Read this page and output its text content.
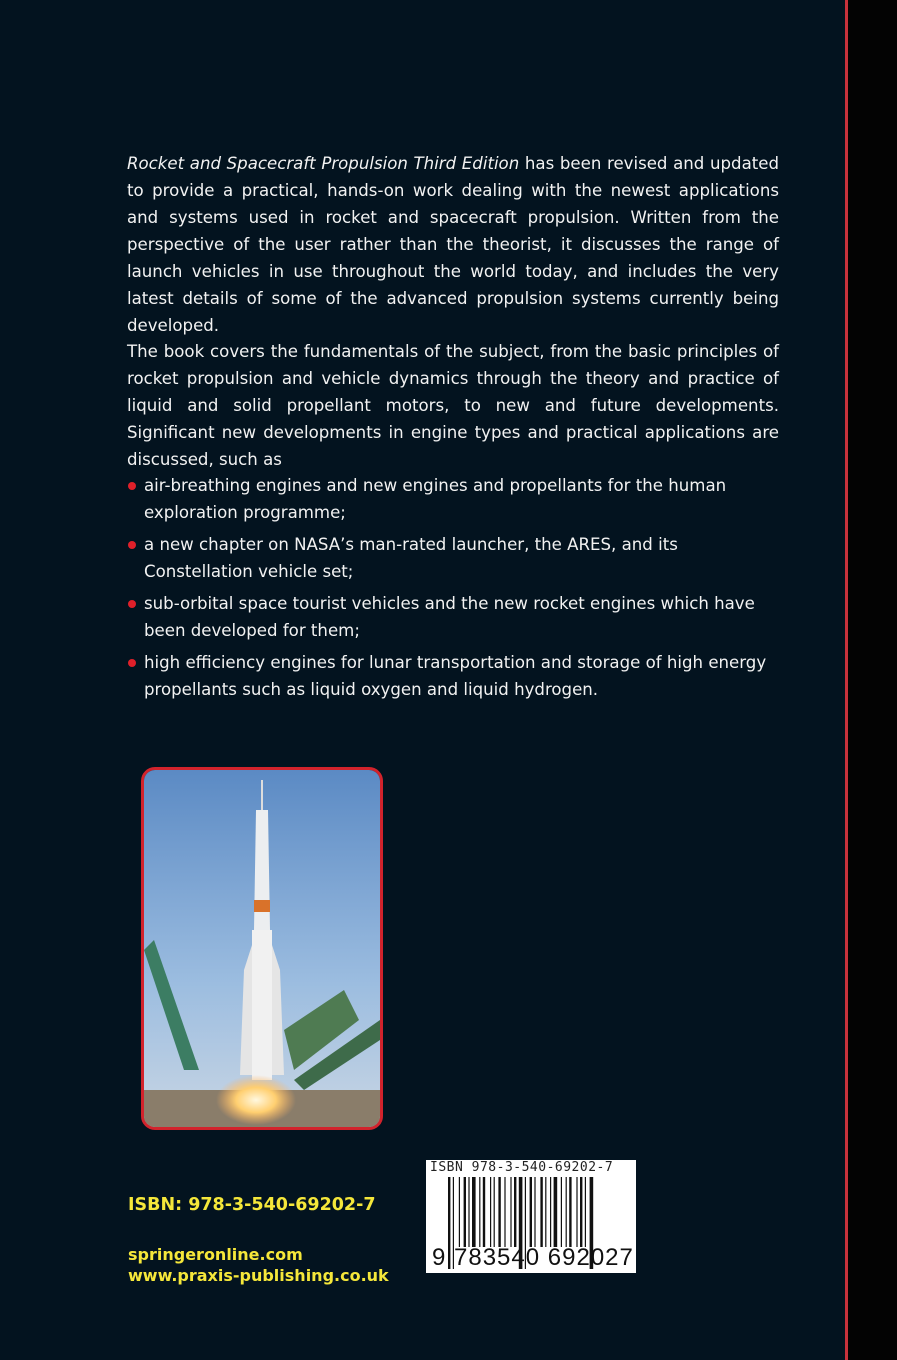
Rocket and Spacecraft Propulsion Third Edition has been revised and updated to provide a practical, hands-on work dealing with the newest applications and systems used in rocket and spacecraft propulsion. Written from the perspective of the user rather than the theorist, it discusses the range of launch vehicles in use throughout the world today, and includes the very latest details of some of the advanced propulsion systems currently being developed.
The book covers the fundamentals of the subject, from the basic principles of rocket propulsion and vehicle dynamics through the theory and practice of liquid and solid propellant motors, to new and future developments. Significant new developments in engine types and practical applications are discussed, such as
air-breathing engines and new engines and propellants for the human exploration programme;
a new chapter on NASA’s man-rated launcher, the ARES, and its Constellation vehicle set;
sub-orbital space tourist vehicles and the new rocket engines which have been developed for them;
high efficiency engines for lunar transportation and storage of high energy propellants such as liquid oxygen and liquid hydrogen.
ISBN: 978-3-540-69202-7
springeronline.com
www.praxis-publishing.co.uk
ISBN 978-3-540-69202-7
9 783540 692027
